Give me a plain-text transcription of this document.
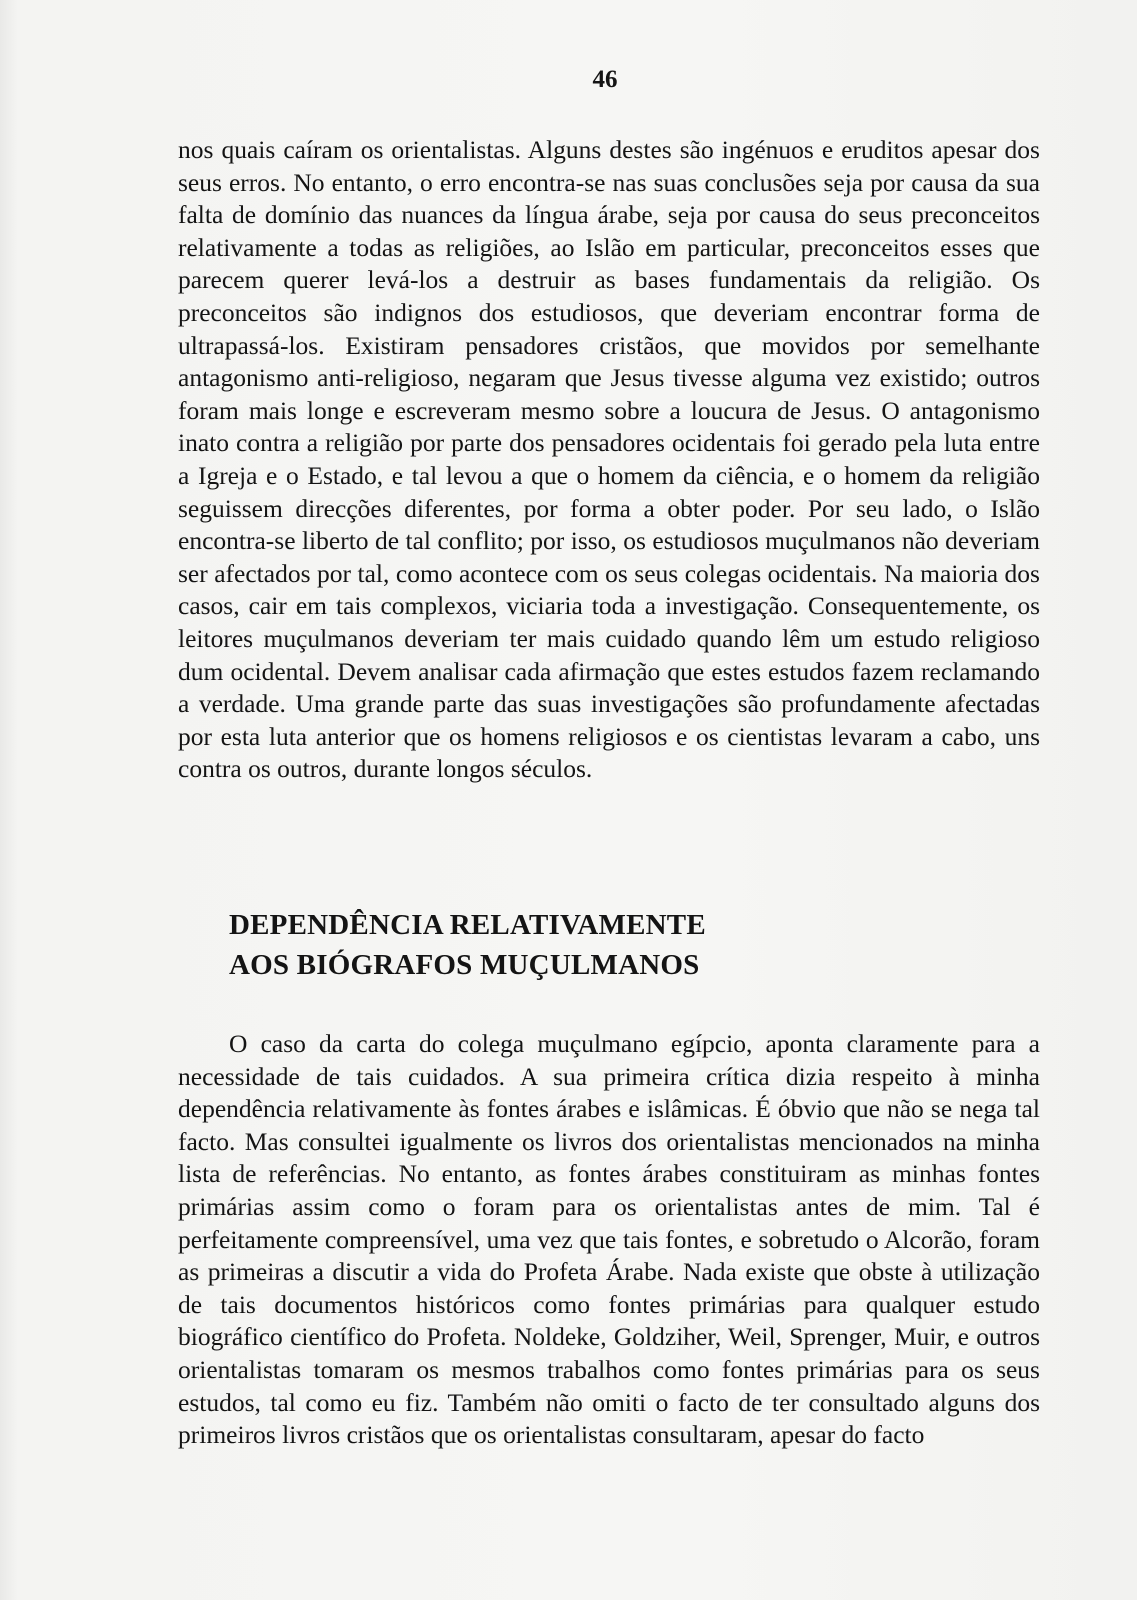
46

nos quais caíram os orientalistas. Alguns destes são ingénuos e eruditos apesar dos seus erros. No entanto, o erro encontra-se nas suas conclusões seja por causa da sua falta de domínio das nuances da língua árabe, seja por causa do seus preconceitos relativamente a todas as religiões, ao Islão em particular, preconceitos esses que parecem querer levá-los a destruir as bases fundamentais da religião. Os preconceitos são indignos dos estudiosos, que deveriam encontrar forma de ultrapassá-los. Existiram pensadores cristãos, que movidos por semelhante antagonismo anti-religioso, negaram que Jesus tivesse alguma vez existido; outros foram mais longe e escreveram mesmo sobre a loucura de Jesus. O antagonismo inato contra a religião por parte dos pensadores ocidentais foi gerado pela luta entre a Igreja e o Estado, e tal levou a que o homem da ciência, e o homem da religião seguissem direcções diferentes, por forma a obter poder. Por seu lado, o Islão encontra-se liberto de tal conflito; por isso, os estudiosos muçulmanos não deveriam ser afectados por tal, como acontece com os seus colegas ocidentais. Na maioria dos casos, cair em tais complexos, viciaria toda a investigação. Consequentemente, os leitores muçulmanos deveriam ter mais cuidado quando lêm um estudo religioso dum ocidental. Devem analisar cada afirmação que estes estudos fazem reclamando a verdade. Uma grande parte das suas investigações são profundamente afectadas por esta luta anterior que os homens religiosos e os cientistas levaram a cabo, uns contra os outros, durante longos séculos.

DEPENDÊNCIA RELATIVAMENTE
AOS BIÓGRAFOS MUÇULMANOS

O caso da carta do colega muçulmano egípcio, aponta claramente para a necessidade de tais cuidados. A sua primeira crítica dizia respeito à minha dependência relativamente às fontes árabes e islâmicas. É óbvio que não se nega tal facto. Mas consultei igualmente os livros dos orientalistas mencionados na minha lista de referências. No entanto, as fontes árabes constituiram as minhas fontes primárias assim como o foram para os orientalistas antes de mim. Tal é perfeitamente compreensível, uma vez que tais fontes, e sobretudo o Alcorão, foram as primeiras a discutir a vida do Profeta Árabe. Nada existe que obste à utilização de tais documentos históricos como fontes primárias para qualquer estudo biográfico científico do Profeta. Noldeke, Goldziher, Weil, Sprenger, Muir, e outros orientalistas tomaram os mesmos trabalhos como fontes primárias para os seus estudos, tal como eu fiz. Também não omiti o facto de ter consultado alguns dos primeiros livros cristãos que os orientalistas consultaram, apesar do facto
